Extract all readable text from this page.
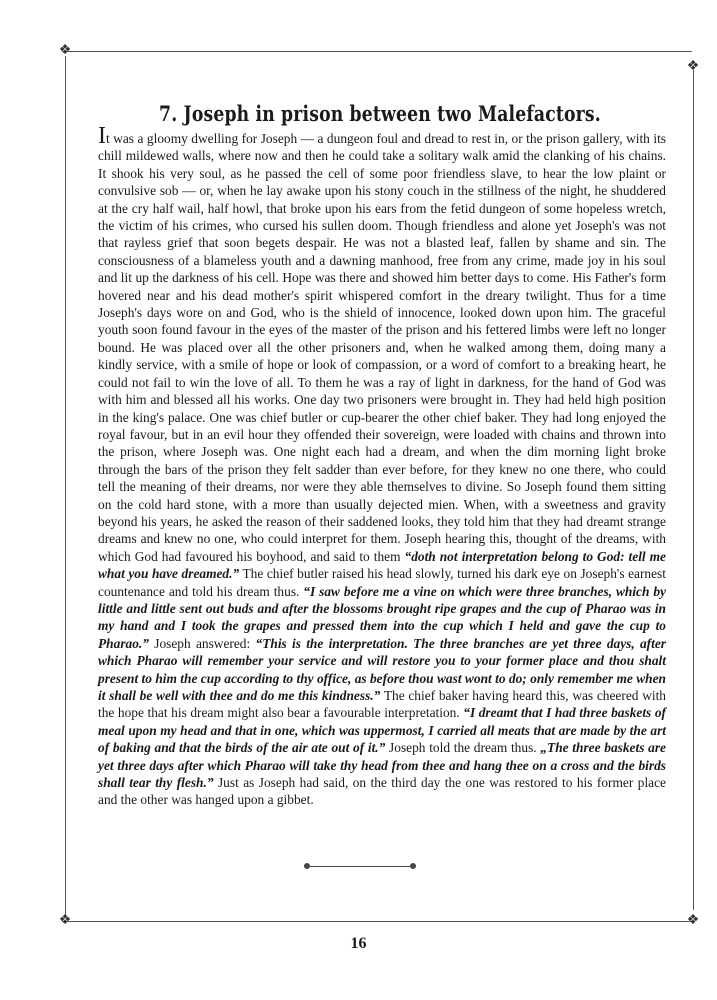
❖
❖
❖	❖
7. Joseph in prison between two Malefactors.

It was a gloomy dwelling for Joseph — a dungeon foul and dread to rest in, or the prison gallery, with its chill mildewed walls, where now and then he could take a solitary walk amid the clanking of his chains. It shook his very soul, as he passed the cell of some poor friendless slave, to hear the low plaint or convulsive sob — or, when he lay awake upon his stony couch in the stillness of the night, he shuddered at the cry half wail, half howl, that broke upon his ears from the fetid dungeon of some hopeless wretch, the victim of his crimes, who cursed his sullen doom. Though friendless and alone yet Joseph's was not that rayless grief that soon begets despair. He was not a blasted leaf, fallen by shame and sin. The consciousness of a blameless youth and a dawning manhood, free from any crime, made joy in his soul and lit up the darkness of his cell. Hope was there and showed him better days to come. His Father's form hovered near and his dead mother's spirit whispered comfort in the dreary twilight. Thus for a time Joseph's days wore on and God, who is the shield of innocence, looked down upon him. The graceful youth soon found favour in the eyes of the master of the prison and his fettered limbs were left no longer bound. He was placed over all the other prisoners and, when he walked among them, doing many a kindly service, with a smile of hope or look of compassion, or a word of comfort to a breaking heart, he could not fail to win the love of all. To them he was a ray of light in darkness, for the hand of God was with him and blessed all his works. One day two prisoners were brought in. They had held high position in the king's palace. One was chief butler or cup-bearer the other chief baker. They had long enjoyed the royal favour, but in an evil hour they offended their sovereign, were loaded with chains and thrown into the prison, where Joseph was. One night each had a dream, and when the dim morning light broke through the bars of the prison they felt sadder than ever before, for they knew no one there, who could tell the meaning of their dreams, nor were they able themselves to divine. So Joseph found them sitting on the cold hard stone, with a more than usually dejected mien. When, with a sweetness and gravity beyond his years, he asked the reason of their saddened looks, they told him that they had dreamt strange dreams and knew no one, who could interpret for them. Joseph hearing this, thought of the dreams, with which God had favoured his boyhood, and said to them “doth not interpretation belong to God: tell me what you have dreamed.” The chief butler raised his head slowly, turned his dark eye on Joseph's earnest countenance and told his dream thus. “I saw before me a vine on which were three branches, which by little and little sent out buds and after the blossoms brought ripe grapes and the cup of Pharao was in my hand and I took the grapes and pressed them into the cup which I held and gave the cup to Pharao.” Joseph answered: “This is the interpretation. The three branches are yet three days, after which Pharao will remember your service and will restore you to your former place and thou shalt present to him the cup according to thy office, as before thou wast wont to do; only remember me when it shall be well with thee and do me this kindness.” The chief baker having heard this, was cheered with the hope that his dream might also bear a favourable interpretation. “I dreamt that I had three baskets of meal upon my head and that in one, which was uppermost, I carried all meats that are made by the art of baking and that the birds of the air ate out of it.” Joseph told the dream thus. „The three baskets are yet three days after which Pharao will take thy head from thee and hang thee on a cross and the birds shall tear thy flesh.” Just as Joseph had said, on the third day the one was restored to his former place and the other was hanged upon a gibbet.

16
